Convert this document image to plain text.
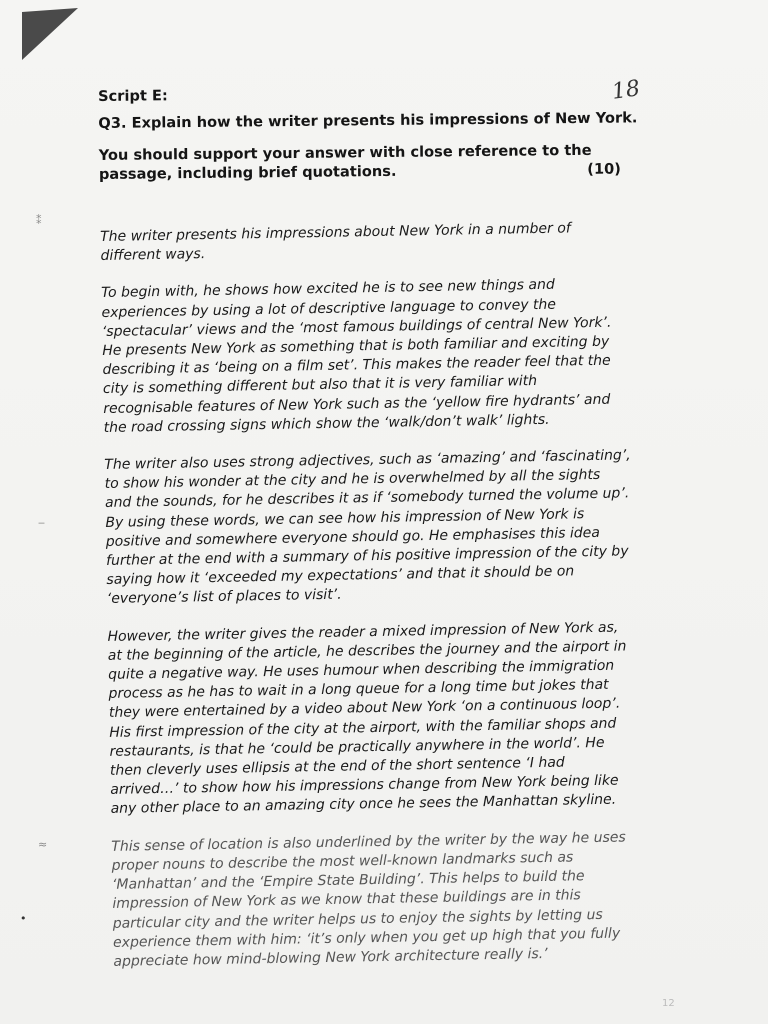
18
⁑
‒
≈
•
Script E:
Q3. Explain how the writer presents his impressions of New York.
You should support your answer with close reference to the
passage, including brief quotations.	(10)

The writer presents his impressions about New York in a number of
different ways.

To begin with, he shows how excited he is to see new things and
experiences by using a lot of descriptive language to convey the
‘spectacular’ views and the ‘most famous buildings of central New York’.
He presents New York as something that is both familiar and exciting by
describing it as ‘being on a film set’. This makes the reader feel that the
city is something different but also that it is very familiar with
recognisable features of New York such as the ‘yellow fire hydrants’ and
the road crossing signs which show the ‘walk/don’t walk’ lights.

The writer also uses strong adjectives, such as ‘amazing’ and ‘fascinating’,
to show his wonder at the city and he is overwhelmed by all the sights
and the sounds, for he describes it as if ‘somebody turned the volume up’.
By using these words, we can see how his impression of New York is
positive and somewhere everyone should go. He emphasises this idea
further at the end with a summary of his positive impression of the city by
saying how it ‘exceeded my expectations’ and that it should be on
‘everyone’s list of places to visit’.

However, the writer gives the reader a mixed impression of New York as,
at the beginning of the article, he describes the journey and the airport in
quite a negative way. He uses humour when describing the immigration
process as he has to wait in a long queue for a long time but jokes that
they were entertained by a video about New York ‘on a continuous loop’.
His first impression of the city at the airport, with the familiar shops and
restaurants, is that he ‘could be practically anywhere in the world’. He
then cleverly uses ellipsis at the end of the short sentence ‘I had
arrived…’ to show how his impressions change from New York being like
any other place to an amazing city once he sees the Manhattan skyline.

This sense of location is also underlined by the writer by the way he uses
proper nouns to describe the most well-known landmarks such as
‘Manhattan’ and the ‘Empire State Building’. This helps to build the
impression of New York as we know that these buildings are in this
particular city and the writer helps us to enjoy the sights by letting us
experience them with him: ‘it’s only when you get up high that you fully
appreciate how mind-blowing New York architecture really is.’

12
